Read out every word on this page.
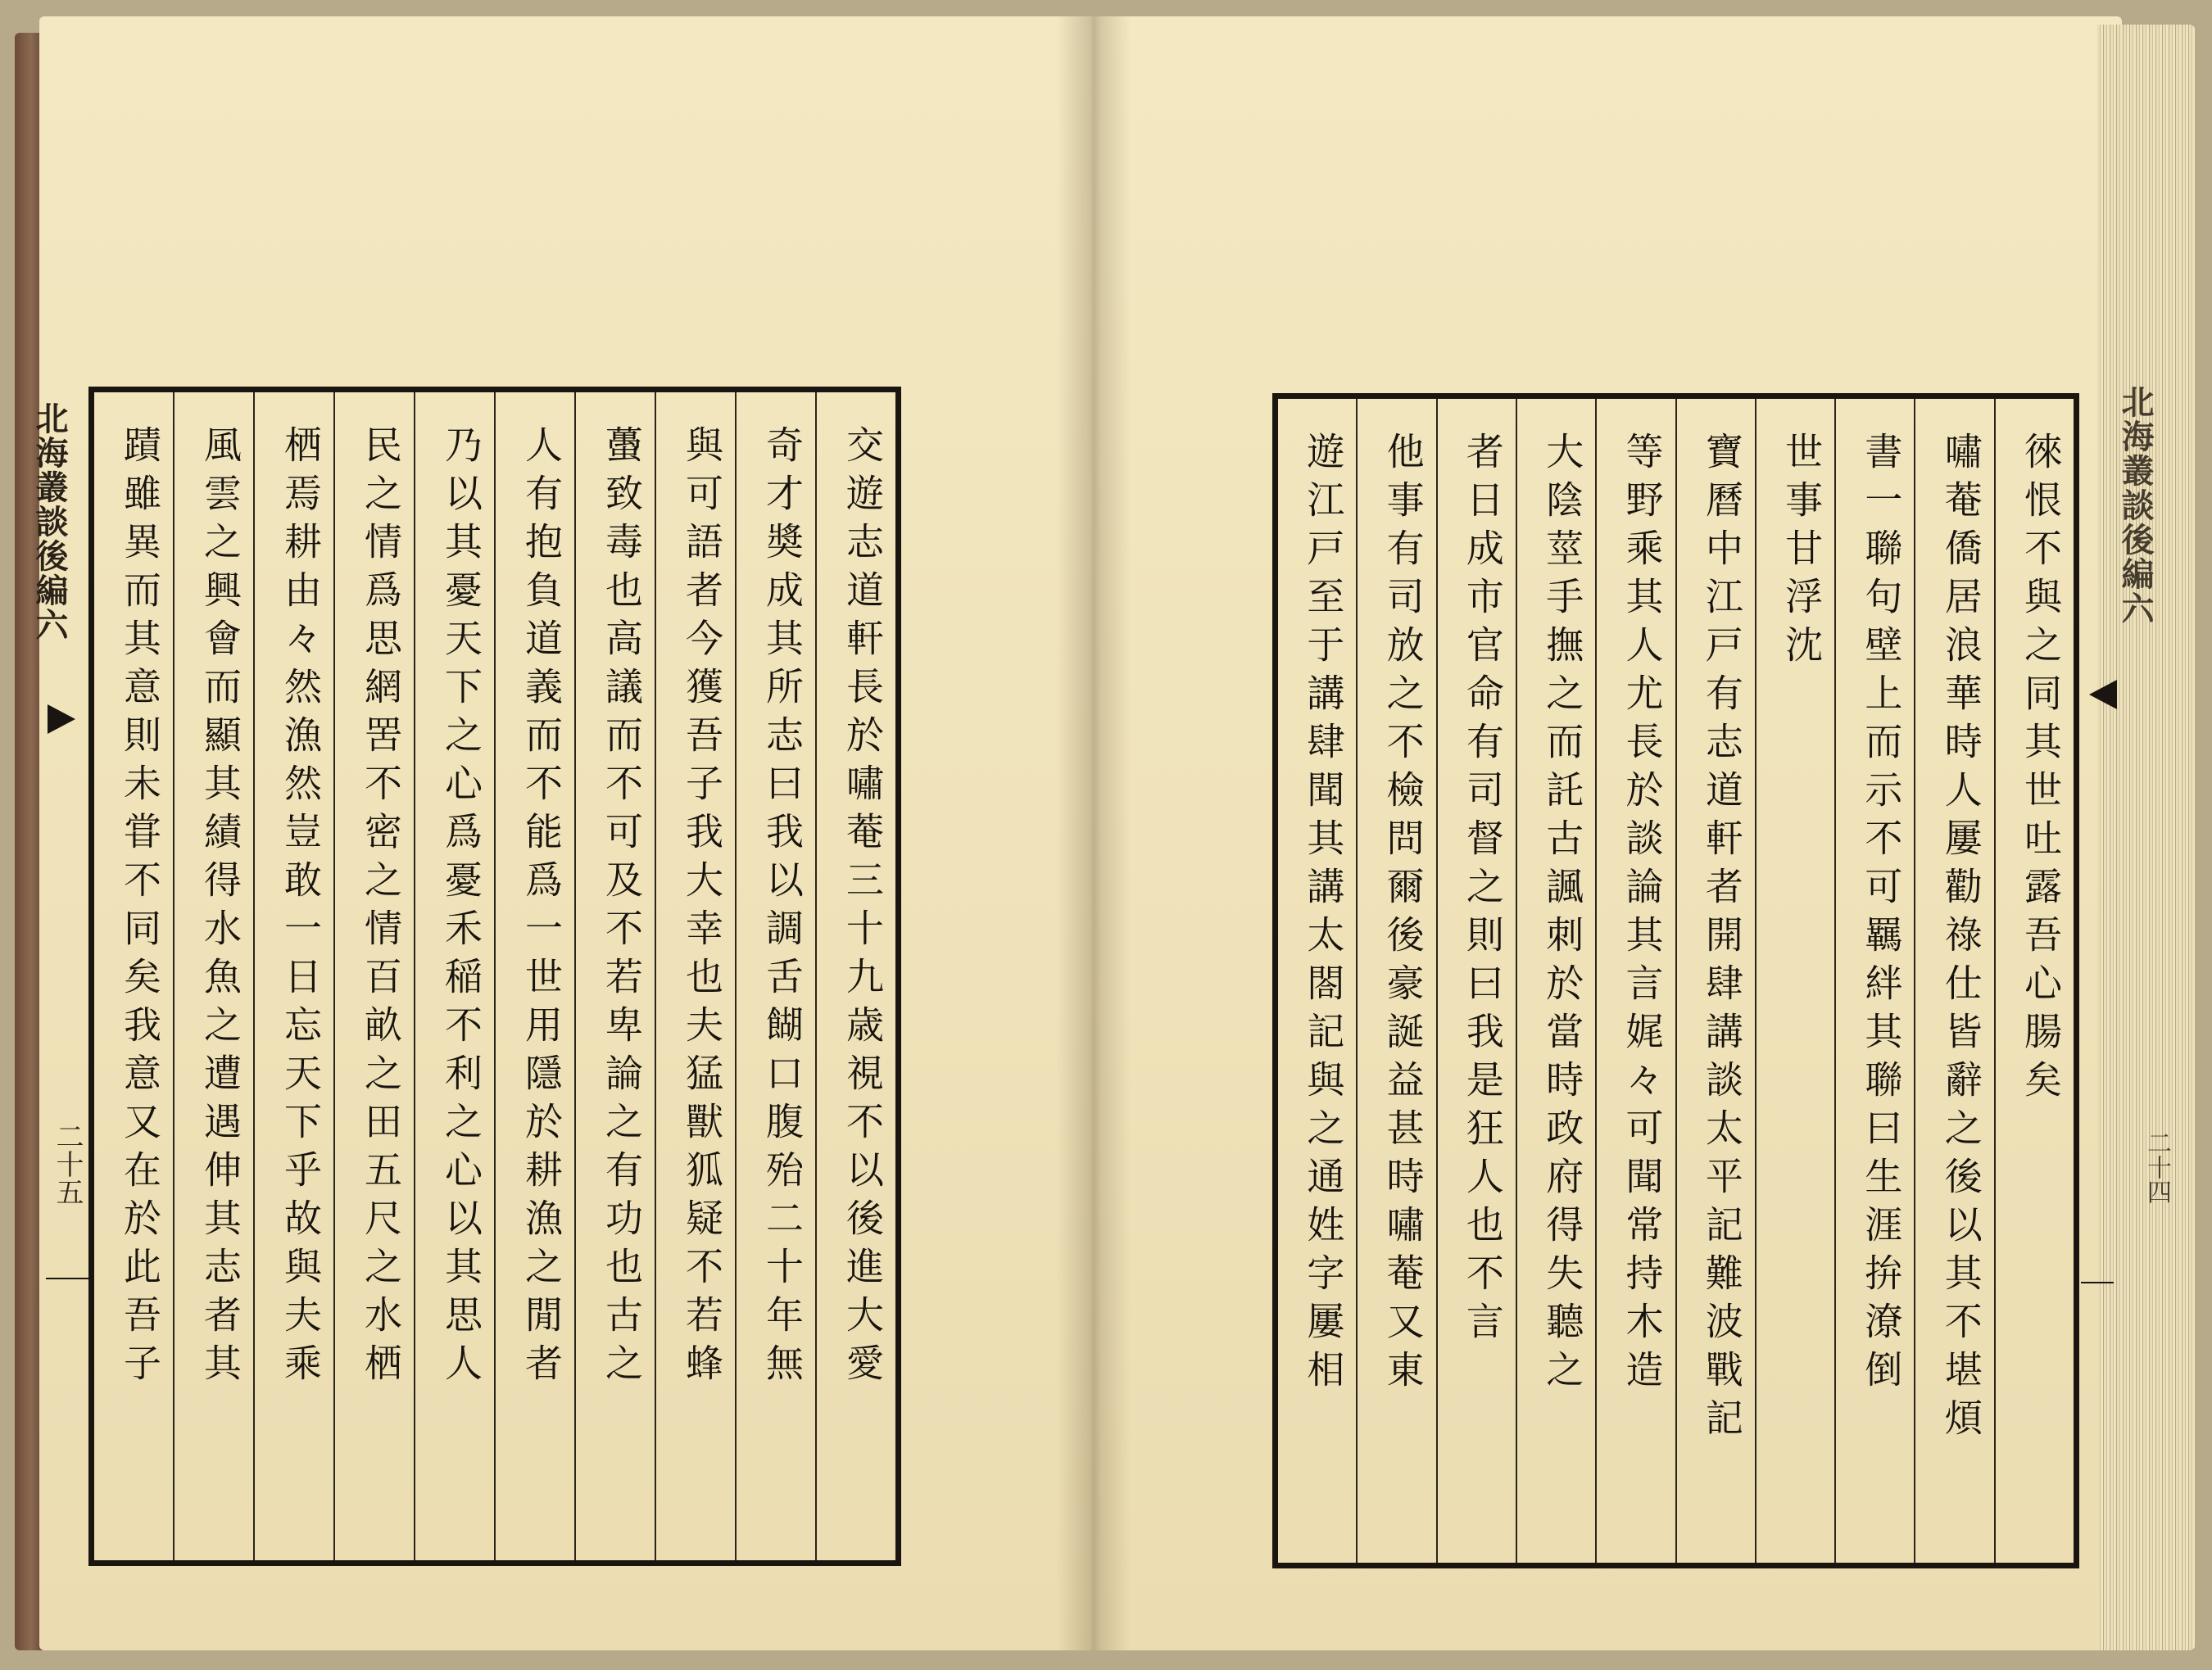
北海叢談後編六
二十五	交遊志道軒長於嘯菴三十九歳視不以後進大愛
奇才奬成其所志曰我以調舌餬口腹殆二十年無
與可語者今獲吾子我大幸也夫猛獸狐疑不若蜂
蠆致毒也高議而不可及不若卑論之有功也古之
人有抱負道義而不能爲一世用隱於耕漁之閒者
乃以其憂天下之心爲憂禾稲不利之心以其思人
民之情爲思網罟不密之情百畝之田五尺之水栖
栖焉耕由々然漁然豈敢一日忘天下乎故與夫乘
風雲之興會而顯其績得水魚之遭遇伸其志者其
蹟雖異而其意則未甞不同矣我意又在於此吾子	徠恨不與之同其世吐露吾心腸矣
嘯菴僑居浪華時人屢勸祿仕皆辭之後以其不堪煩
書一聯句壁上而示不可羈絆其聯曰生涯拚潦倒
世事甘浮沈
寶曆中江戸有志道軒者開肆講談太平記難波戰記
等野乘其人尤長於談論其言娓々可聞常持木造
大陰莖手撫之而託古諷刺於當時政府得失聽之
者日成市官命有司督之則曰我是狂人也不言
他事有司放之不檢問爾後豪誕益甚時嘯菴又東
遊江戸至于講肆聞其講太閤記與之通姓字屢相	北海叢談後編六
二十四
